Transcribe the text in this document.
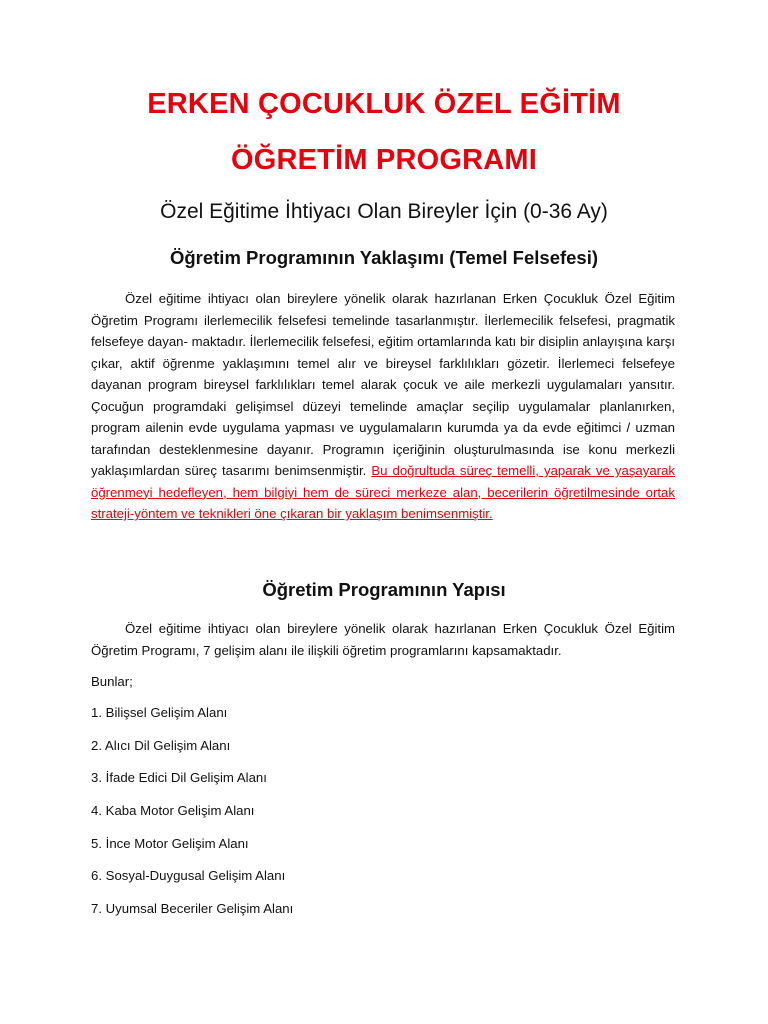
ERKEN ÇOCUKLUK ÖZEL EĞİTİM
ÖĞRETİM PROGRAMI

Özel Eğitime İhtiyacı Olan Bireyler İçin (0-36 Ay)

Öğretim Programının Yaklaşımı (Temel Felsefesi)

Özel eğitime ihtiyacı olan bireylere yönelik olarak hazırlanan Erken Çocukluk Özel Eğitim Öğretim Programı ilerlemecilik felsefesi temelinde tasarlanmıştır. İlerlemecilik felsefesi, pragmatik felsefeye dayan- maktadır. İlerlemecilik felsefesi, eğitim ortamlarında katı bir disiplin anlayışına karşı çıkar, aktif öğrenme yaklaşımını temel alır ve bireysel farklılıkları gözetir. İlerlemeci felsefeye dayanan program bireysel farklılıkları temel alarak çocuk ve aile merkezli uygulamaları yansıtır. Çocuğun programdaki gelişimsel düzeyi temelinde amaçlar seçilip uygulamalar planlanırken, program ailenin evde uygulama yapması ve uygulamaların kurumda ya da evde eğitimci / uzman tarafından desteklenmesine dayanır. Programın içeriğinin oluşturulmasında ise konu merkezli yaklaşımlardan süreç tasarımı benimsenmiştir. Bu doğrultuda süreç temelli, yaparak ve yaşayarak öğrenmeyi hedefleyen, hem bilgiyi hem de süreci merkeze alan, becerilerin öğretilmesinde ortak strateji-yöntem ve teknikleri öne çıkaran bir yaklaşım benimsenmiştir.

Öğretim Programının Yapısı

Özel eğitime ihtiyacı olan bireylere yönelik olarak hazırlanan Erken Çocukluk Özel Eğitim Öğretim Programı, 7 gelişim alanı ile ilişkili öğretim programlarını kapsamaktadır.

Bunlar;

1. Bilişsel Gelişim Alanı
2. Alıcı Dil Gelişim Alanı
3. İfade Edici Dil Gelişim Alanı
4. Kaba Motor Gelişim Alanı
5. İnce Motor Gelişim Alanı
6. Sosyal-Duygusal Gelişim Alanı
7. Uyumsal Beceriler Gelişim Alanı
